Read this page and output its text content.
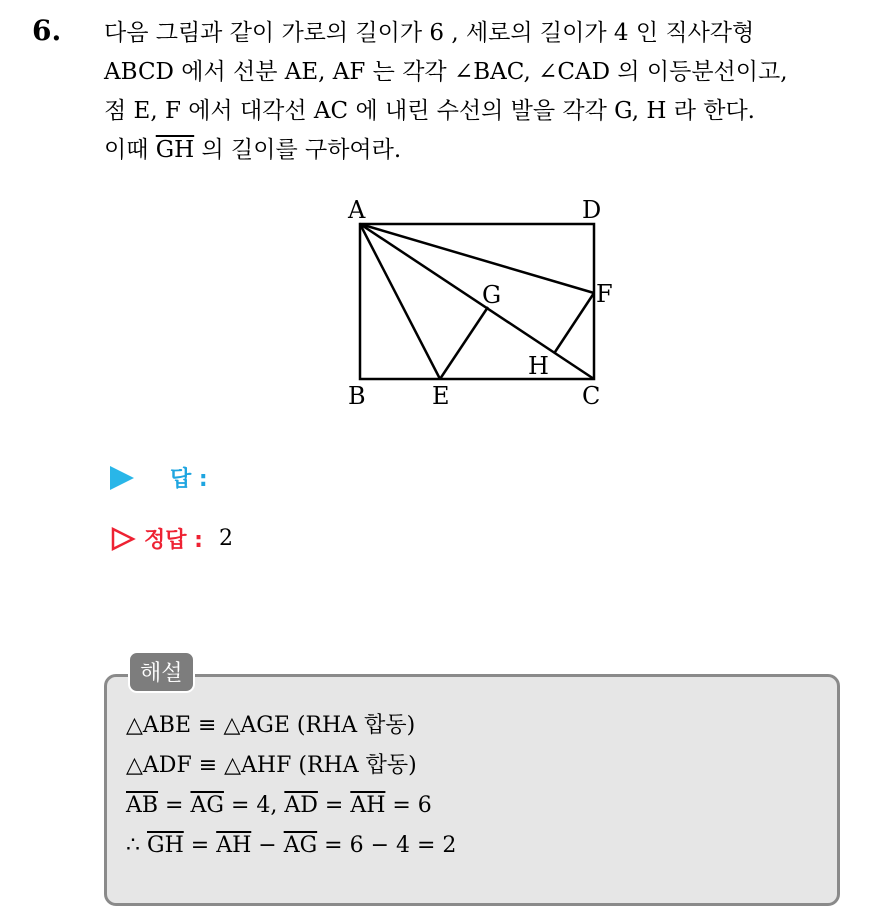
6. 다음 그림과 같이 가로의 길이가 6 , 세로의 길이가 4 인 직사각형
ABCD 에서 선분 AE, AF 는 각각 ∠BAC, ∠CAD 의 이등분선이고,
점 E, F 에서 대각선 AC 에 내린 수선의 발을 각각 G, H 라 한다.
이때 $\overline{GH}$ 의 길이를 구하여라.
A	D
B	E	C
F
G
H
답 :
정답 : 2
해설
△ABE ≡ △AGE (RHA 합동)
△ADF ≡ △AHF (RHA 합동)
$\overline{AB} = \overline{AG} = 4$, $\overline{AD} = \overline{AH} = 6$
∴ $\overline{GH} = \overline{AH} - \overline{AG} = 6 - 4 = 2$
